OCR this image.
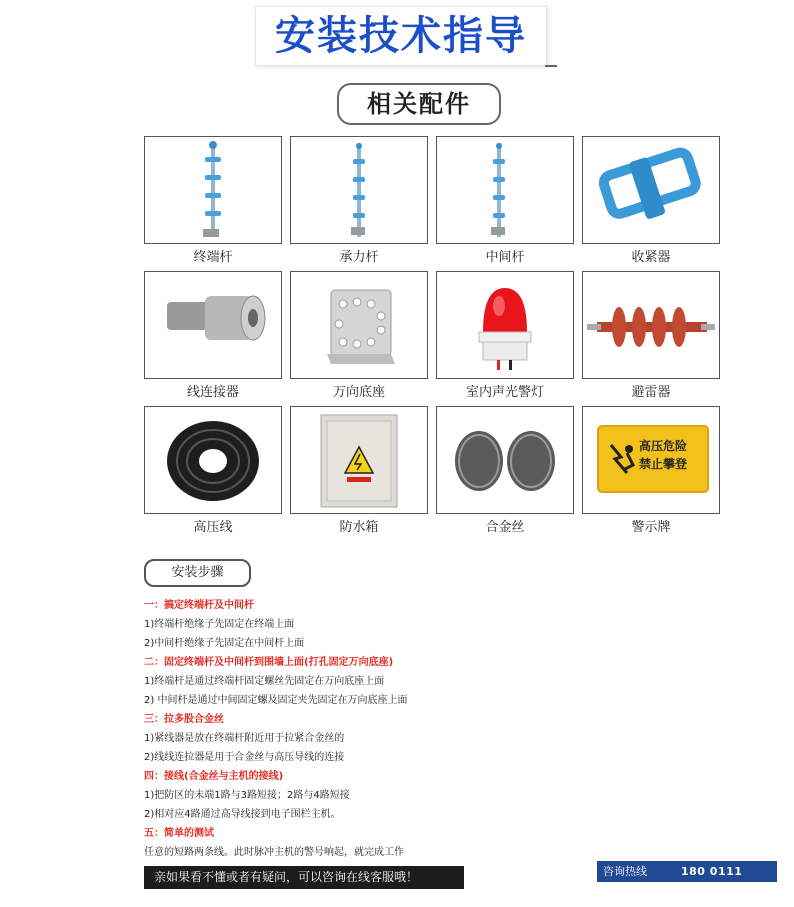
安装技术指导
相关配件
终端杆	承力杆	中间杆	收紧器
线连接器	万向底座	室内声光警灯	避雷器
高压线	防水箱	合金丝
高压危险
禁止攀登
警示牌
安装步骤
一：搞定终端杆及中间杆
1)终端杆绝缘子先固定在终端上面
2)中间杆绝缘子先固定在中间杆上面
二：固定终端杆及中间杆到围墙上面(打孔固定万向底座)
1)终端杆是通过终端杆固定螺丝先固定在万向底座上面
2) 中间杆是通过中间固定螺及固定夹先固定在万向底座上面
三：拉多股合金丝
1)紧线器是放在终端杆附近用于拉紧合金丝的
2)线线连拉器是用于合金丝与高压导线的连接
四：接线(合金丝与主机的接线)
1)把防区的未端1路与3路短接；2路与4路短接
2)相对应4路通过高导线接到电子围栏主机。
五：简单的测试
任意的短路两条线。此时脉冲主机的警号响起，就完成工作
亲如果看不懂或者有疑问，可以咨询在线客服哦！	咨询热线	180 0111 8559
